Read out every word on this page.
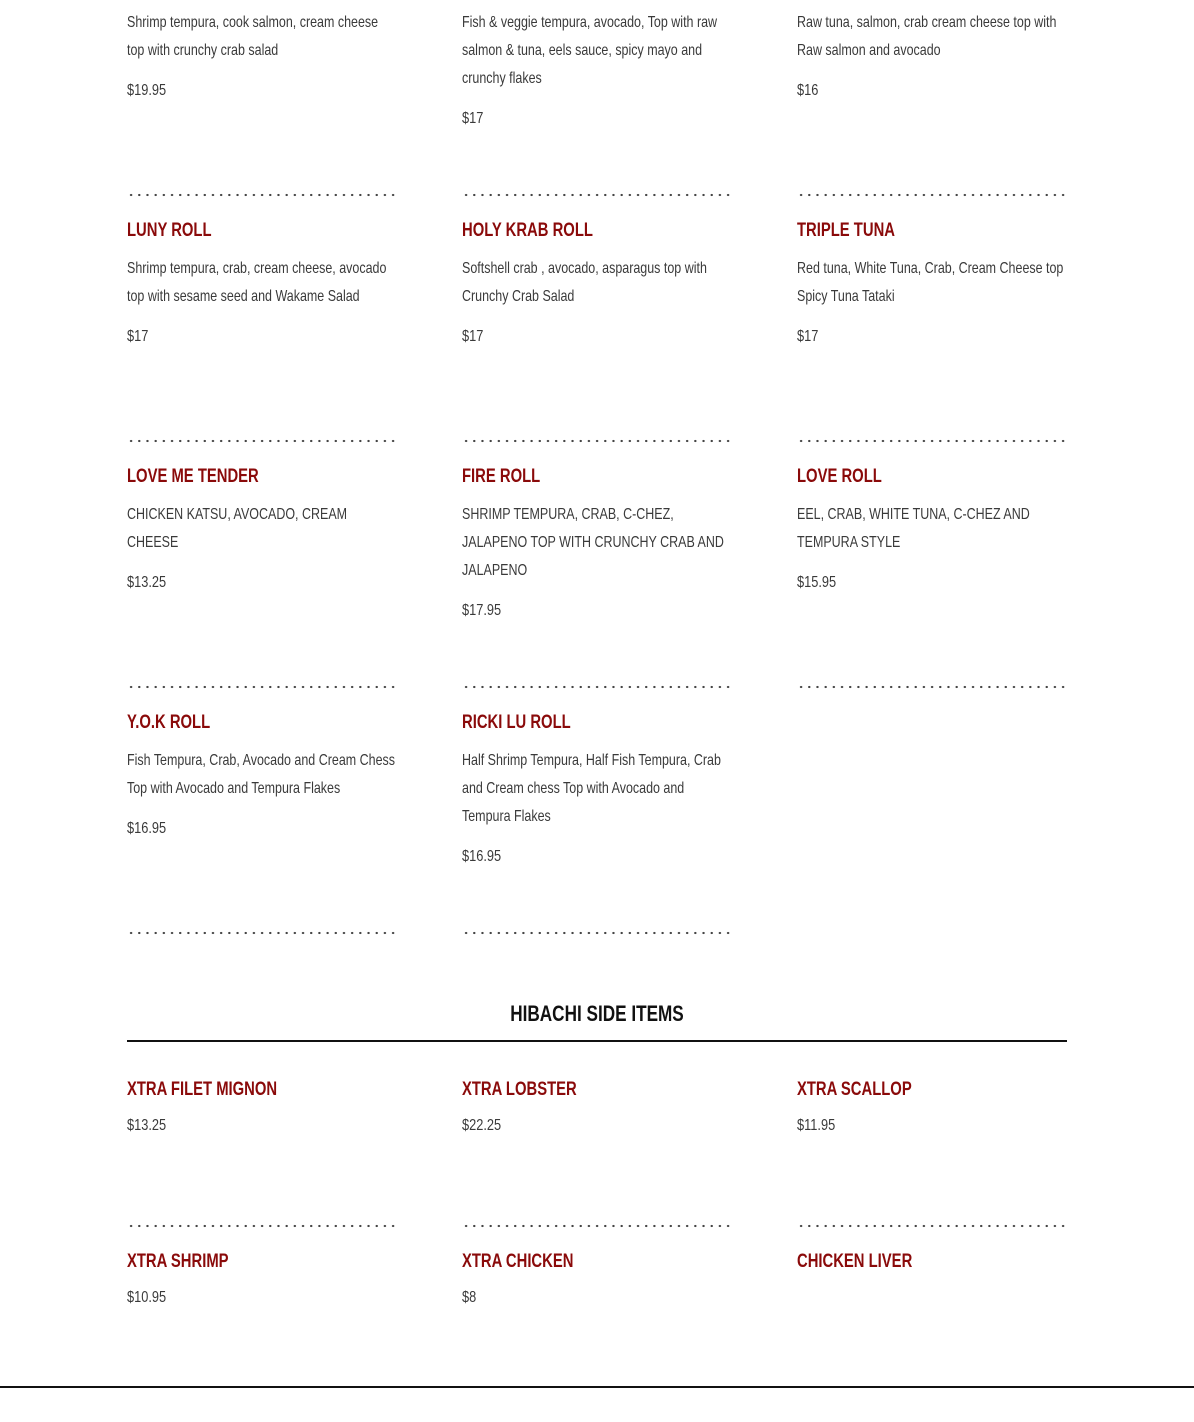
Shrimp tempura, cook salmon, cream cheese top with crunchy crab salad
$19.95
Fish & veggie tempura, avocado, Top with raw salmon & tuna, eels sauce, spicy mayo and crunchy flakes
$17
Raw tuna, salmon, crab cream cheese top with Raw salmon and avocado
$16
LUNY ROLL
Shrimp tempura, crab, cream cheese, avocado top with sesame seed and Wakame Salad
$17
HOLY KRAB ROLL
Softshell crab , avocado, asparagus top with Crunchy Crab Salad
$17
TRIPLE TUNA
Red tuna, White Tuna, Crab, Cream Cheese top Spicy Tuna Tataki
$17
LOVE ME TENDER
CHICKEN KATSU, AVOCADO, CREAM CHEESE
$13.25
FIRE ROLL
SHRIMP TEMPURA, CRAB, C-CHEZ, JALAPENO TOP WITH CRUNCHY CRAB AND JALAPENO
$17.95
LOVE ROLL
EEL, CRAB, WHITE TUNA, C-CHEZ AND TEMPURA STYLE
$15.95
Y.O.K ROLL
Fish Tempura, Crab, Avocado and Cream Chess Top with Avocado and Tempura Flakes
$16.95
RICKI LU ROLL
Half Shrimp Tempura, Half Fish Tempura, Crab and Cream chess Top with Avocado and Tempura Flakes
$16.95
HIBACHI SIDE ITEMS
XTRA FILET MIGNON
$13.25
XTRA LOBSTER
$22.25
XTRA SCALLOP
$11.95
XTRA SHRIMP
$10.95
XTRA CHICKEN
$8
CHICKEN LIVER
